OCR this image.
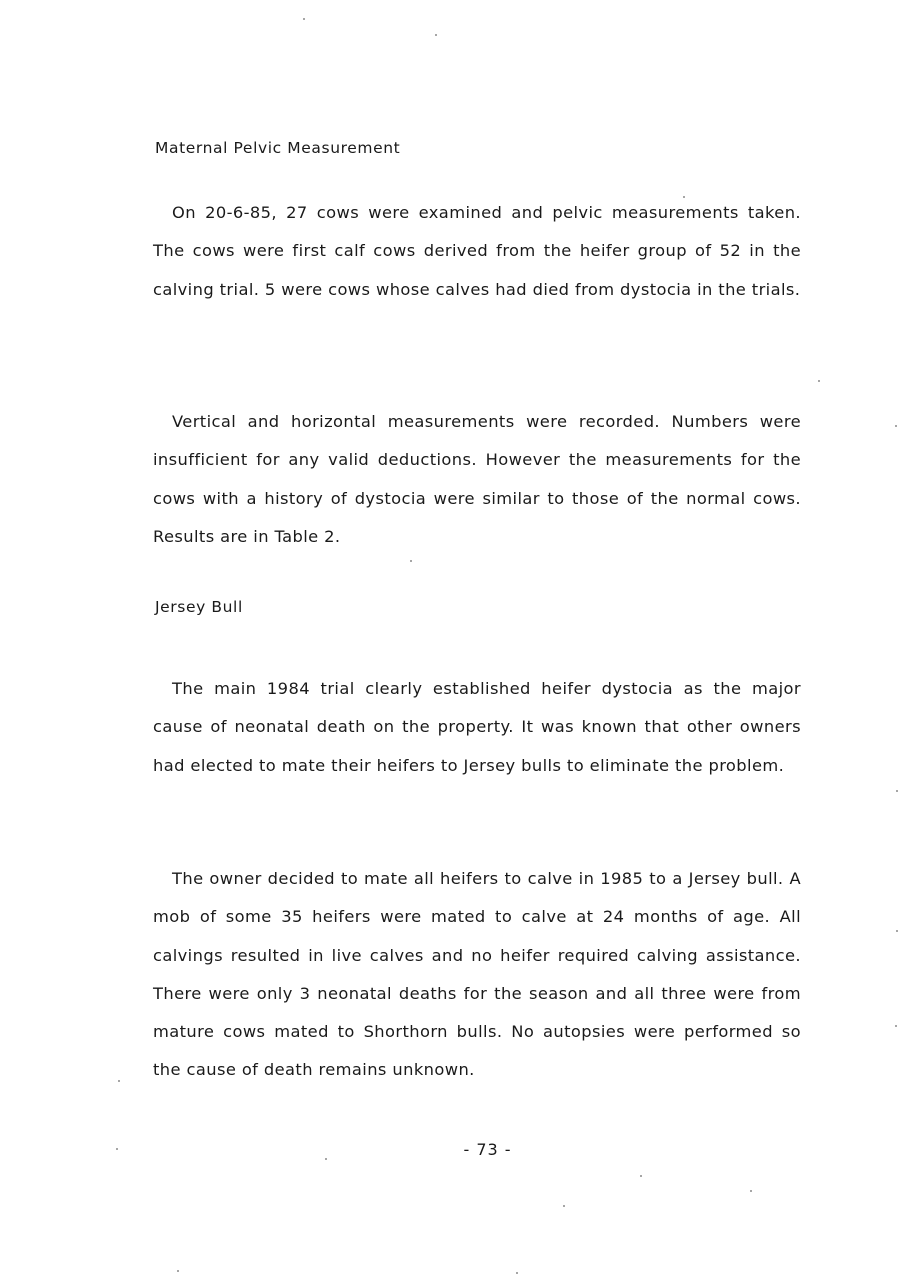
Maternal Pelvic Measurement

On 20-6-85, 27 cows were examined and pelvic measurements taken. The cows were first calf cows derived from the heifer group of 52 in the calving trial. 5 were cows whose calves had died from dystocia in the trials.

Vertical and horizontal measurements were recorded. Numbers were insufficient for any valid deductions. However the measurements for the cows with a history of dystocia were similar to those of the normal cows. Results are in Table 2.

Jersey Bull

The main 1984 trial clearly established heifer dystocia as the major cause of neonatal death on the property. It was known that other owners had elected to mate their heifers to Jersey bulls to eliminate the problem.

The owner decided to mate all heifers to calve in 1985 to a Jersey bull. A mob of some 35 heifers were mated to calve at 24 months of age. All calvings resulted in live calves and no heifer required calving assistance. There were only 3 neonatal deaths for the season and all three were from mature cows mated to Shorthorn bulls. No autopsies were performed so the cause of death remains unknown.

- 73 -
